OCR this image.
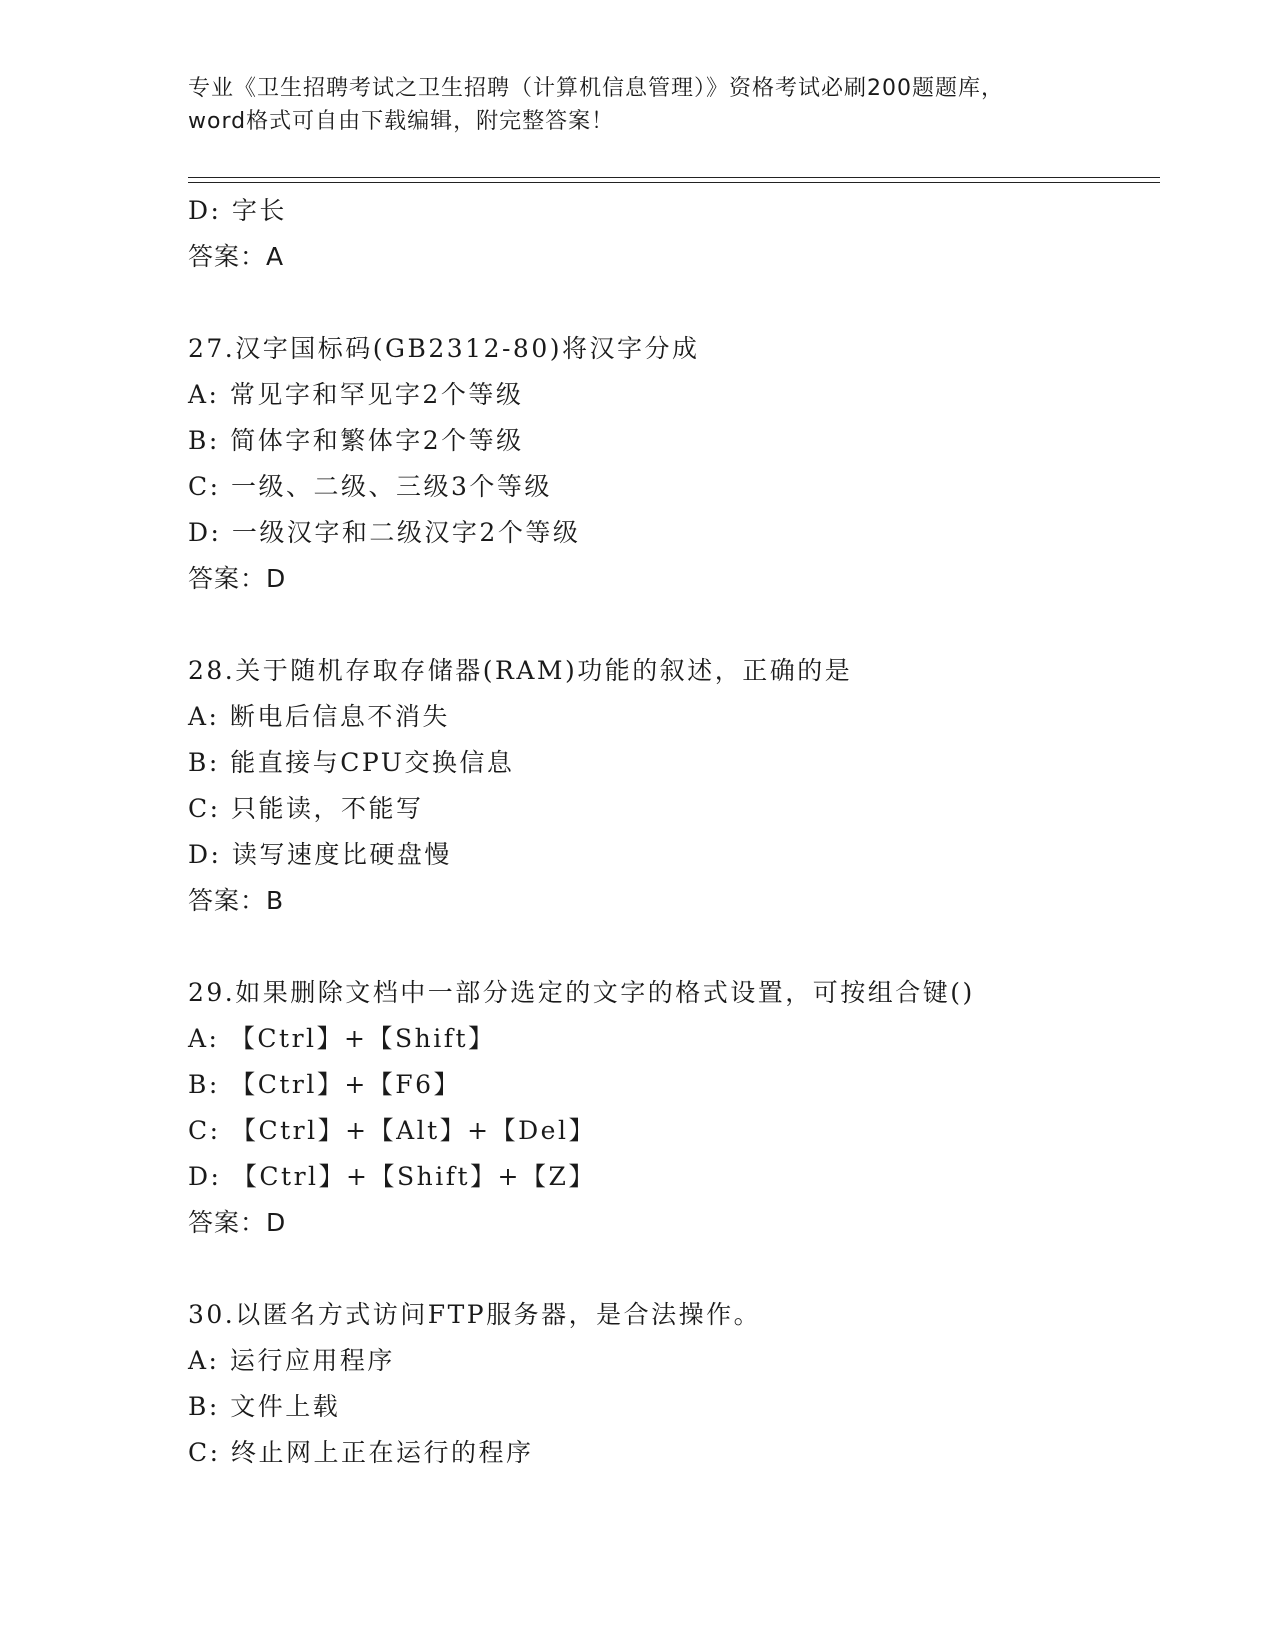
专业《卫生招聘考试之卫生招聘（计算机信息管理）》资格考试必刷200题题库，
word格式可自由下载编辑，附完整答案！
D: 字长
答案：A
27.汉字国标码(GB2312-80)将汉字分成
A: 常见字和罕见字2个等级
B: 简体字和繁体字2个等级
C: 一级、二级、三级3个等级
D: 一级汉字和二级汉字2个等级
答案：D
28.关于随机存取存储器(RAM)功能的叙述，正确的是
A: 断电后信息不消失
B: 能直接与CPU交换信息
C: 只能读，不能写
D: 读写速度比硬盘慢
答案：B
29.如果删除文档中一部分选定的文字的格式设置，可按组合键()
A: 【Ctrl】+【Shift】
B: 【Ctrl】+【F6】
C: 【Ctrl】+【Alt】+【Del】
D: 【Ctrl】+【Shift】+【Z】
答案：D
30.以匿名方式访问FTP服务器，是合法操作。
A: 运行应用程序
B: 文件上载
C: 终止网上正在运行的程序
